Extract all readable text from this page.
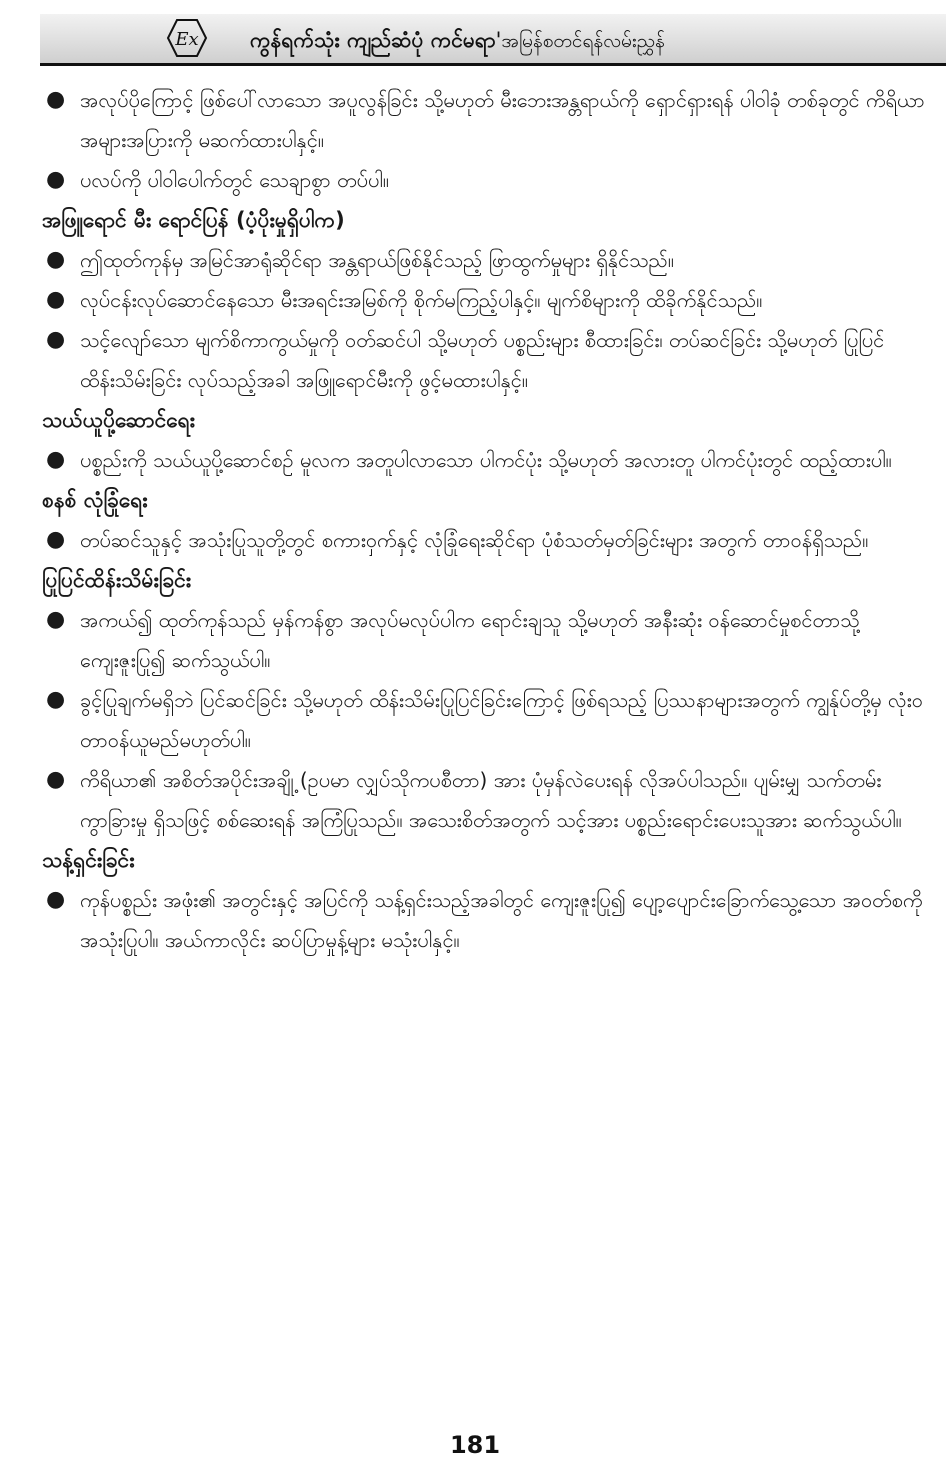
Ex ကွန်ရက်သုံး ကျည်ဆံပုံ ကင်မရာ'အမြန်စတင်ရန်လမ်းညွှန်
● အလုပ်ပိုကြောင့် ဖြစ်ပေါ်လာသော အပူလွန်ခြင်း သို့မဟုတ် မီးဘေးအန္တရာယ်ကို ရှောင်ရှားရန် ပါဝါခုံ တစ်ခုတွင် ကိရိယာ အများအပြားကို မဆက်ထားပါနှင့်။
● ပလပ်ကို ပါဝါပေါက်တွင် သေချာစွာ တပ်ပါ။
အဖြူရောင် မီး ရောင်ပြန် (ပံ့ပိုးမှုရှိပါက)
● ဤထုတ်ကုန်မှ အမြင်အာရုံဆိုင်ရာ အန္တရာယ်ဖြစ်နိုင်သည့် ဖြာထွက်မှုများ ရှိနိုင်သည်။
● လုပ်ငန်းလုပ်ဆောင်နေသော မီးအရင်းအမြစ်ကို စိုက်မကြည့်ပါနှင့်။ မျက်စိများကို ထိခိုက်နိုင်သည်။
● သင့်လျော်သော မျက်စိကာကွယ်မှုကို ဝတ်ဆင်ပါ သို့မဟုတ် ပစ္စည်းများ စီထားခြင်း၊ တပ်ဆင်ခြင်း သို့မဟုတ် ပြုပြင်ထိန်းသိမ်းခြင်း လုပ်သည့်အခါ အဖြူရောင်မီးကို ဖွင့်မထားပါနှင့်။
သယ်ယူပို့ဆောင်ရေး
● ပစ္စည်းကို သယ်ယူပို့ဆောင်စဉ် မူလက အတူပါလာသော ပါကင်ပုံး သို့မဟုတ် အလားတူ ပါကင်ပုံးတွင် ထည့်ထားပါ။
စနစ် လုံခြုံရေး
● တပ်ဆင်သူနှင့် အသုံးပြုသူတို့တွင် စကားဝှက်နှင့် လုံခြုံရေးဆိုင်ရာ ပုံစံသတ်မှတ်ခြင်းများ အတွက် တာဝန်ရှိသည်။
ပြုပြင်ထိန်းသိမ်းခြင်း
● အကယ်၍ ထုတ်ကုန်သည် မှန်ကန်စွာ အလုပ်မလုပ်ပါက ရောင်းချသူ သို့မဟုတ် အနီးဆုံး ဝန်ဆောင်မှုစင်တာသို့ ကျေးဇူးပြု၍ ဆက်သွယ်ပါ။
● ခွင့်ပြုချက်မရှိဘဲ ပြင်ဆင်ခြင်း သို့မဟုတ် ထိန်းသိမ်းပြုပြင်ခြင်းကြောင့် ဖြစ်ရသည့် ပြဿနာများအတွက် ကျွန်ုပ်တို့မှ လုံးဝတာဝန်ယူမည်မဟုတ်ပါ။
● ကိရိယာ၏ အစိတ်အပိုင်းအချို့ (ဥပမာ လျှပ်သိုကပစီတာ) အား ပုံမှန်လဲပေးရန် လိုအပ်ပါသည်။ ပျမ်းမျှ သက်တမ်း ကွာခြားမှု ရှိသဖြင့် စစ်ဆေးရန် အကြံပြုသည်။ အသေးစိတ်အတွက် သင့်အား ပစ္စည်းရောင်းပေးသူအား ဆက်သွယ်ပါ။
သန့်ရှင်းခြင်း
● ကုန်ပစ္စည်း အဖုံး၏ အတွင်းနှင့် အပြင်ကို သန့်ရှင်းသည့်အခါတွင် ကျေးဇူးပြု၍ ပျော့ပျောင်းခြောက်သွေ့သော အဝတ်စကို အသုံးပြုပါ။ အယ်ကာလိုင်း ဆပ်ပြာမှုန့်များ မသုံးပါနှင့်။
181
